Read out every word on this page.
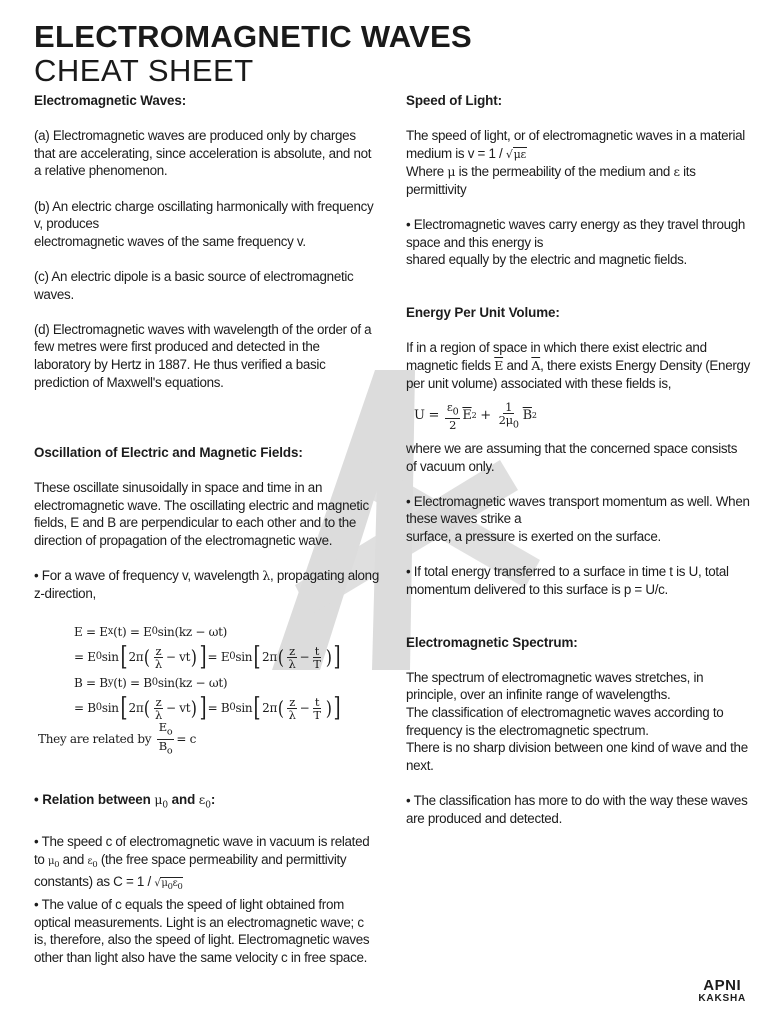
ELECTROMAGNETIC WAVES
CHEAT SHEET

Electromagnetic Waves:

(a) Electromagnetic waves are produced only by charges that are accelerating, since acceleration is absolute, and not a relative phenomenon.

(b) An electric charge oscillating harmonically with frequency v, produces

electromagnetic waves of the same frequency v.

(c) An electric dipole is a basic source of electromagnetic waves.

(d) Electromagnetic waves with wavelength of the order of a few metres were first produced and detected in the laboratory by Hertz in 1887. He thus verified a basic prediction of Maxwell's equations.

Oscillation of Electric and Magnetic Fields:

These oscillate sinusoidally in space and time in an electromagnetic wave. The oscillating electric and magnetic fields, E and B are perpendicular to each other and to the direction of propagation of the electromagnetic wave.

• For a wave of frequency v, wavelength λ, propagating along z-direction,

E = E x (t) = E 0 sin(kz − ωt)
= E 0 sin [ 2π ( $\frac{z}{\lambda}$ − vt ) ] = E 0 sin [ 2π ( $\frac{z}{\lambda} - \frac{t}{T}$ ) ]
B = B y (t) = B 0 sin(kz − ωt)
= B 0 sin [ 2π ( $\frac{z}{\lambda}$ − vt ) ] = B 0 sin [ 2π ( $\frac{z}{\lambda} - \frac{t}{T}$ ) ]
They are related by
$\frac{E_o}{B_o} = c$

• Relation between $\mu_0$ and $\varepsilon_0$:

• The speed c of electromagnetic wave in vacuum is related to $\mu_0$ and $\varepsilon_0$ (the free space permeability and permittivity constants) as $C = 1 / √\mu_0\varepsilon_0$

• The value of c equals the speed of light obtained from optical measurements. Light is an electromagnetic wave; c is, therefore, also the speed of light. Electromagnetic waves other than light also have the same velocity c in free space.

Speed of Light:

The speed of light, or of electromagnetic waves in a material medium is v = 1 / √με

Where μ is the permeability of the medium and ε its permittivity

• Electromagnetic waves carry energy as they travel through space and this energy is

shared equally by the electric and magnetic fields.

Energy Per Unit Volume:

If in a region of space in which there exist electric and magnetic fields $\overline{E}$ and $\overline{A}$, there exists Energy Density (Energy per unit volume) associated with these fields is,

$U = \frac{\varepsilon_0}{2} \overline{E}$ $2 + \frac{1}{2\mu_0} \overline{B}$ 2

where we are assuming that the concerned space consists of vacuum only.

• Electromagnetic waves transport momentum as well. When these waves strike a

surface, a pressure is exerted on the surface.

• If total energy transferred to a surface in time t is U, total momentum delivered to this surface is p = U/c.

Electromagnetic Spectrum:

The spectrum of electromagnetic waves stretches, in principle, over an infinite range of wavelengths.

The classification of electromagnetic waves according to frequency is the electromagnetic spectrum.

There is no sharp division between one kind of wave and the next.

• The classification has more to do with the way these waves are produced and detected.

APNI
KAKSHA
